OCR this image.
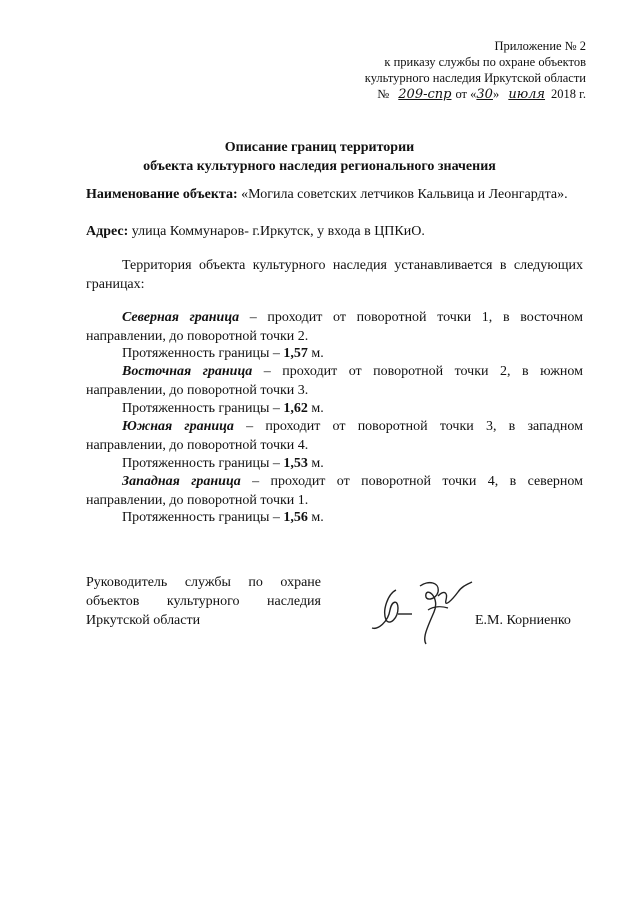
Приложение № 2
к приказу службы по охране объектов
культурного наследия Иркутской области
№ 209-спр от «30» июля 2018 г.
Описание границ территории
объекта культурного наследия регионального значения
Наименование объекта: «Могила советских летчиков Кальвица и Леонгардта».
Адрес: улица Коммунаров- г.Иркутск, у входа в ЦПКиО.
Территория объекта культурного наследия устанавливается в следующих границах:
Северная граница – проходит от поворотной точки 1, в восточном направлении, до поворотной точки 2.
Протяженность границы – 1,57 м.
Восточная граница – проходит от поворотной точки 2, в южном направлении, до поворотной точки 3.
Протяженность границы – 1,62 м.
Южная граница – проходит от поворотной точки 3, в западном направлении, до поворотной точки 4.
Протяженность границы – 1,53 м.
Западная граница – проходит от поворотной точки 4, в северном направлении, до поворотной точки 1.
Протяженность границы – 1,56 м.
Руководитель службы по охране объектов культурного наследия Иркутской области	Е.М. Корниенко
